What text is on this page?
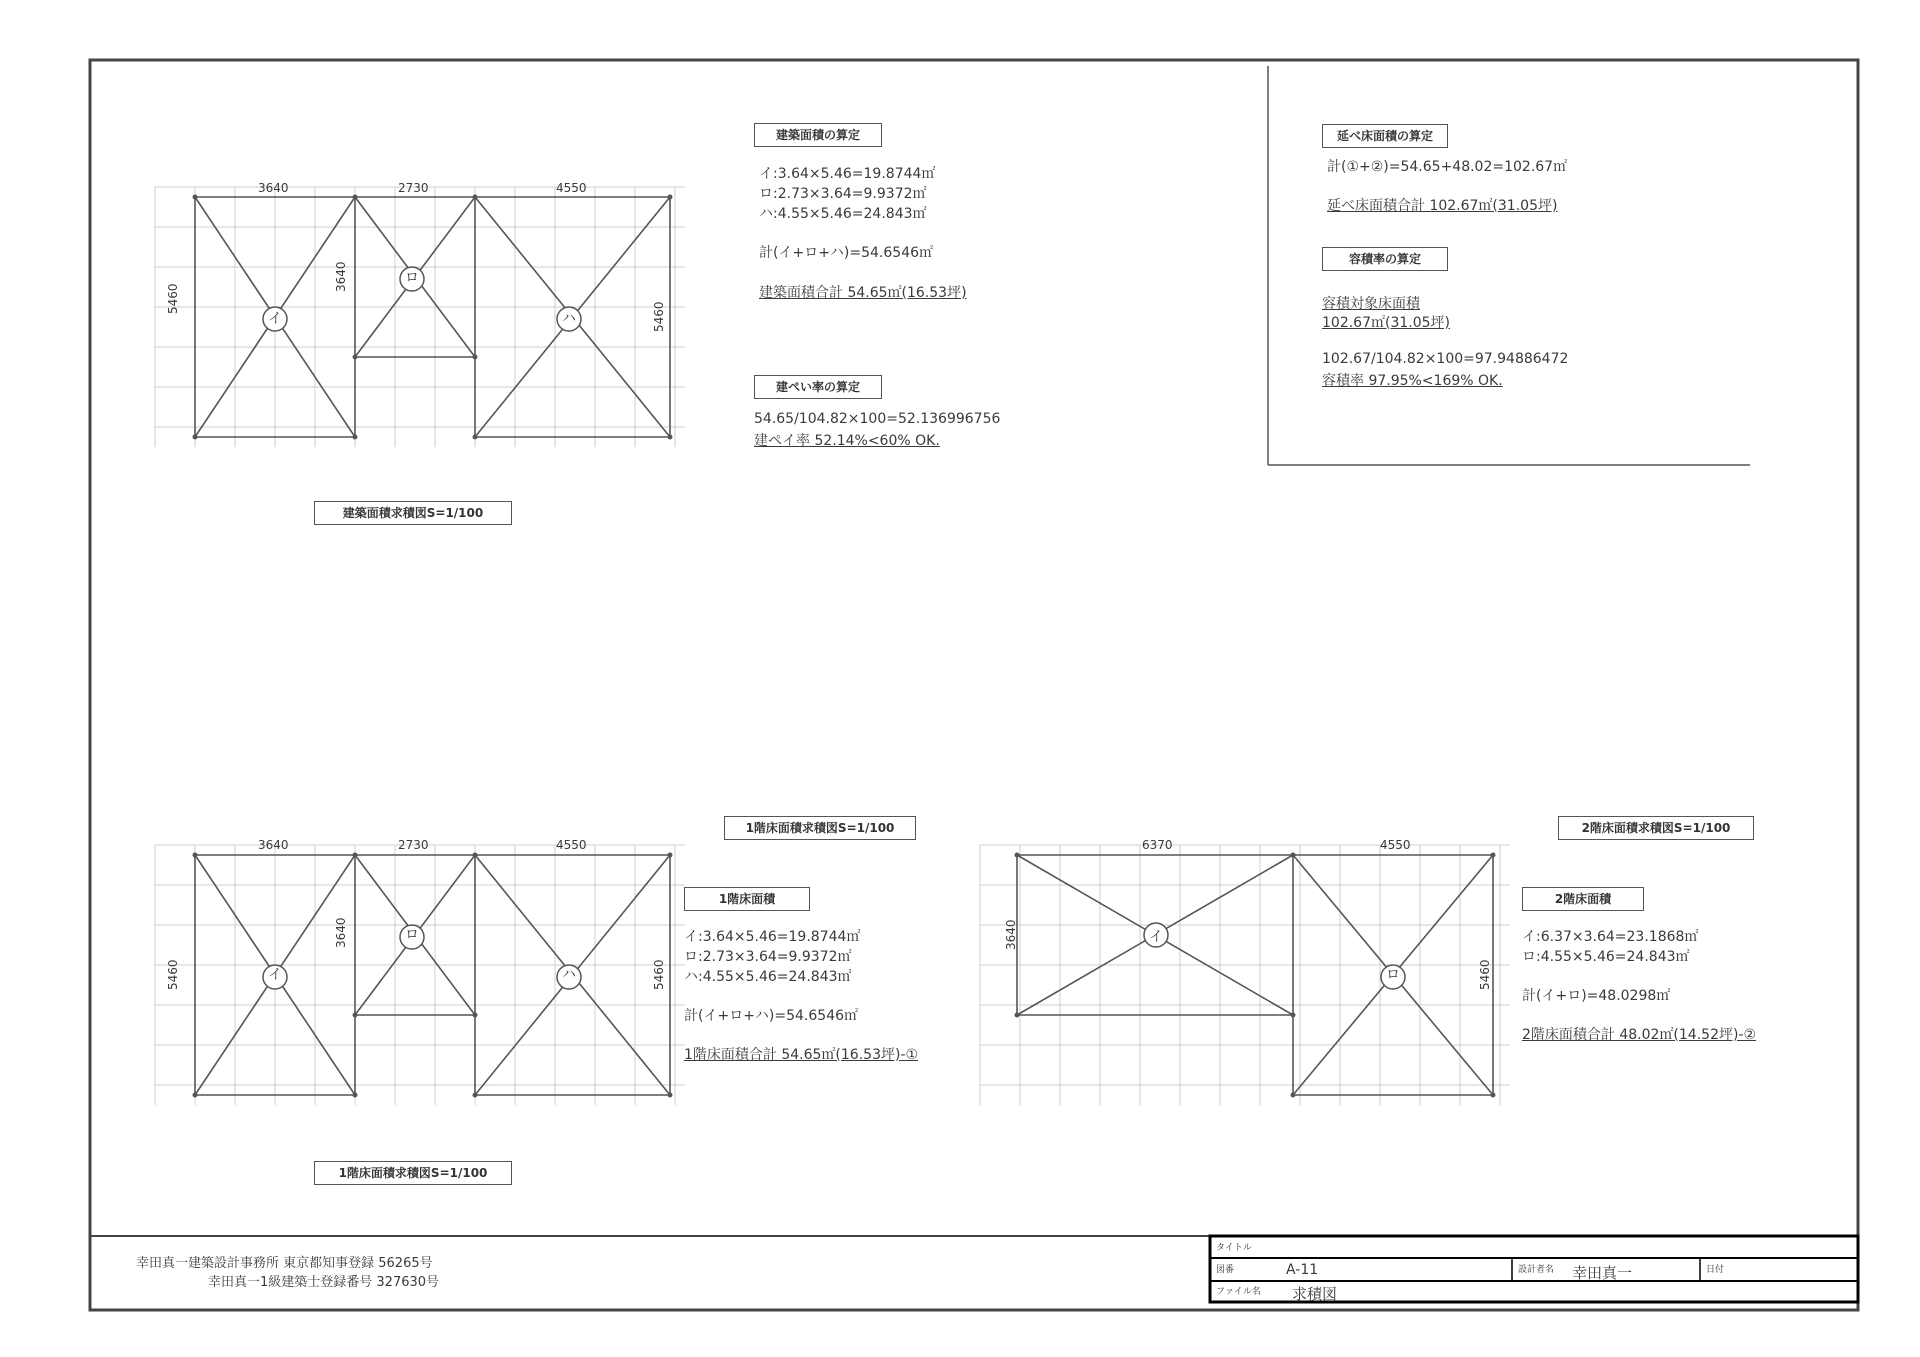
3640	2730	4550
5460
3640
5460
イ
ロ
ハ
建築面積求積図S=1/100
建築面積の算定
イ:3.64×5.46=19.8744㎡
ロ:2.73×3.64=9.9372㎡
ハ:4.55×5.46=24.843㎡
計(イ+ロ+ハ)=54.6546㎡
建築面積合計 54.65㎡(16.53坪)
建ぺい率の算定
54.65/104.82×100=52.136996756
建ペイ率 52.14%<60% OK.
延べ床面積の算定
計(①+②)=54.65+48.02=102.67㎡
延べ床面積合計 102.67㎡(31.05坪)
容積率の算定
容積対象床面積
102.67㎡(31.05坪)
102.67/104.82×100=97.94886472
容積率 97.95%<169% OK.
1階床面積求積図S=1/100
3640	2730	4550
5460
3640
5460
イ
ロ
ハ
1階床面積求積図S=1/100
1階床面積
イ:3.64×5.46=19.8744㎡
ロ:2.73×3.64=9.9372㎡
ハ:4.55×5.46=24.843㎡
計(イ+ロ+ハ)=54.6546㎡
1階床面積合計 54.65㎡(16.53坪)-①
2階床面積求積図S=1/100
6370	4550
3640
5460
イ
ロ
2階床面積
イ:6.37×3.64=23.1868㎡
ロ:4.55×5.46=24.843㎡
計(イ+ロ)=48.0298㎡
2階床面積合計 48.02㎡(14.52坪)-②
幸田真一建築設計事務所 東京都知事登録 56265号
幸田真一1級建築士登録番号 327630号
タイトル
図番	A-11	設計者名 幸田真一	日付
ファイル名 求積図
